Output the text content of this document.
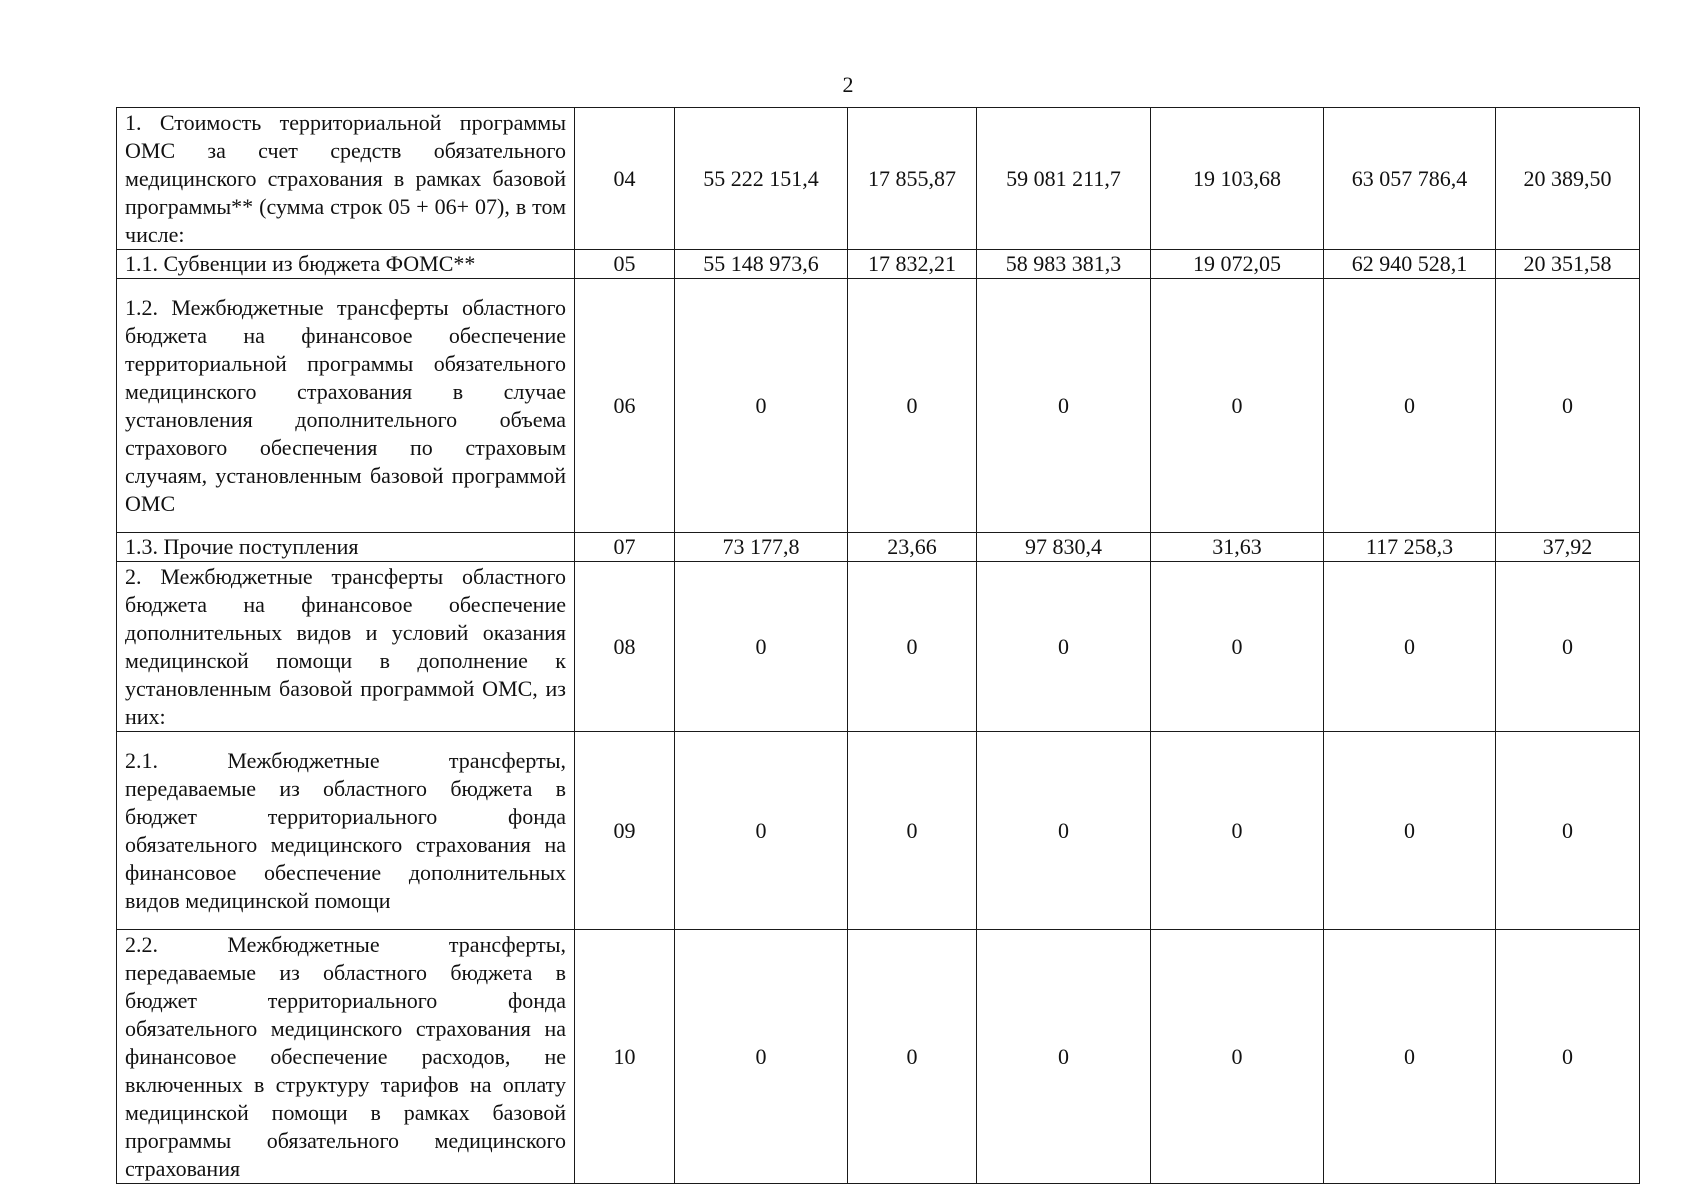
2
1. Стоимость территориальной программы ОМС за счет средств обязательного медицинского страхования в рамках базовой программы** (сумма строк 05 + 06+ 07), в том числе:	04	55 222 151,4	17 855,87	59 081 211,7	19 103,68	63 057 786,4	20 389,50
1.1. Субвенции из бюджета ФОМС**	05	55 148 973,6	17 832,21	58 983 381,3	19 072,05	62 940 528,1	20 351,58
1.2. Межбюджетные трансферты областного бюджета на финансовое обеспечение территориальной программы обязательного медицинского страхования в случае установления дополнительного объема страхового обеспечения по страховым случаям, установленным базовой программой ОМС	06	0	0	0	0	0	0
1.3. Прочие поступления	07	73 177,8	23,66	97 830,4	31,63	117 258,3	37,92
2. Межбюджетные трансферты областного бюджета на финансовое обеспечение дополнительных видов и условий оказания медицинской помощи в дополнение к установленным базовой программой ОМС, из них:	08	0	0	0	0	0	0
2.1. Межбюджетные трансферты, передаваемые из областного бюджета в бюджет территориального фонда обязательного медицинского страхования на финансовое обеспечение дополнительных видов медицинской помощи	09	0	0	0	0	0	0
2.2. Межбюджетные трансферты, передаваемые из областного бюджета в бюджет территориального фонда обязательного медицинского страхования на финансовое обеспечение расходов, не включенных в структуру тарифов на оплату медицинской помощи в рамках базовой программы обязательного медицинского страхования	10	0	0	0	0	0	0
